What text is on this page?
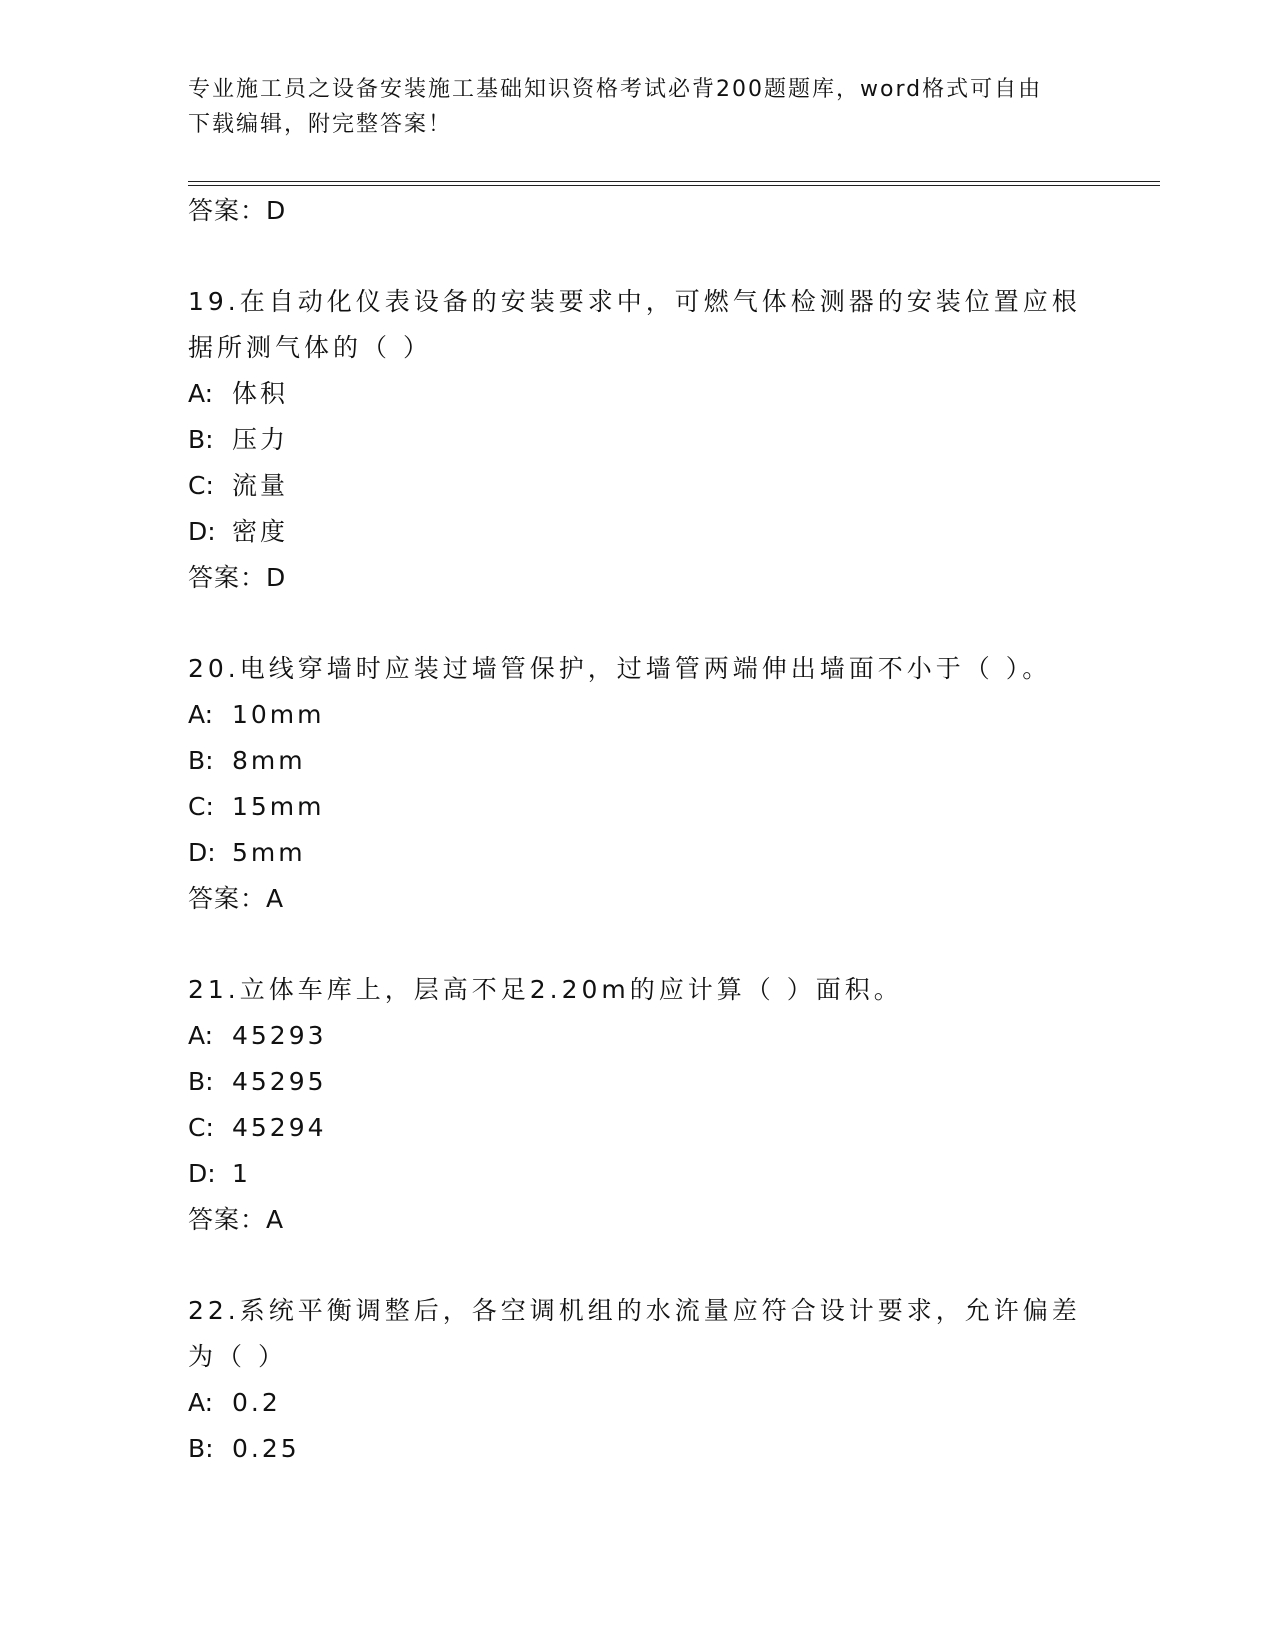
专业施工员之设备安装施工基础知识资格考试必背200题题库，word格式可自由
下载编辑，附完整答案！
答案：D
19.在自动化仪表设备的安装要求中，可燃气体检测器的安装位置应根
据所测气体的（ ）
A: 体积
B: 压力
C: 流量
D: 密度
答案：D
20.电线穿墙时应装过墙管保护，过墙管两端伸出墙面不小于（ ）。
A: 10mm
B: 8mm
C: 15mm
D: 5mm
答案：A
21.立体车库上，层高不足2.20m的应计算（ ）面积。
A: 45293
B: 45295
C: 45294
D: 1
答案：A
22.系统平衡调整后，各空调机组的水流量应符合设计要求，允许偏差
为（ ）
A: 0.2
B: 0.25
